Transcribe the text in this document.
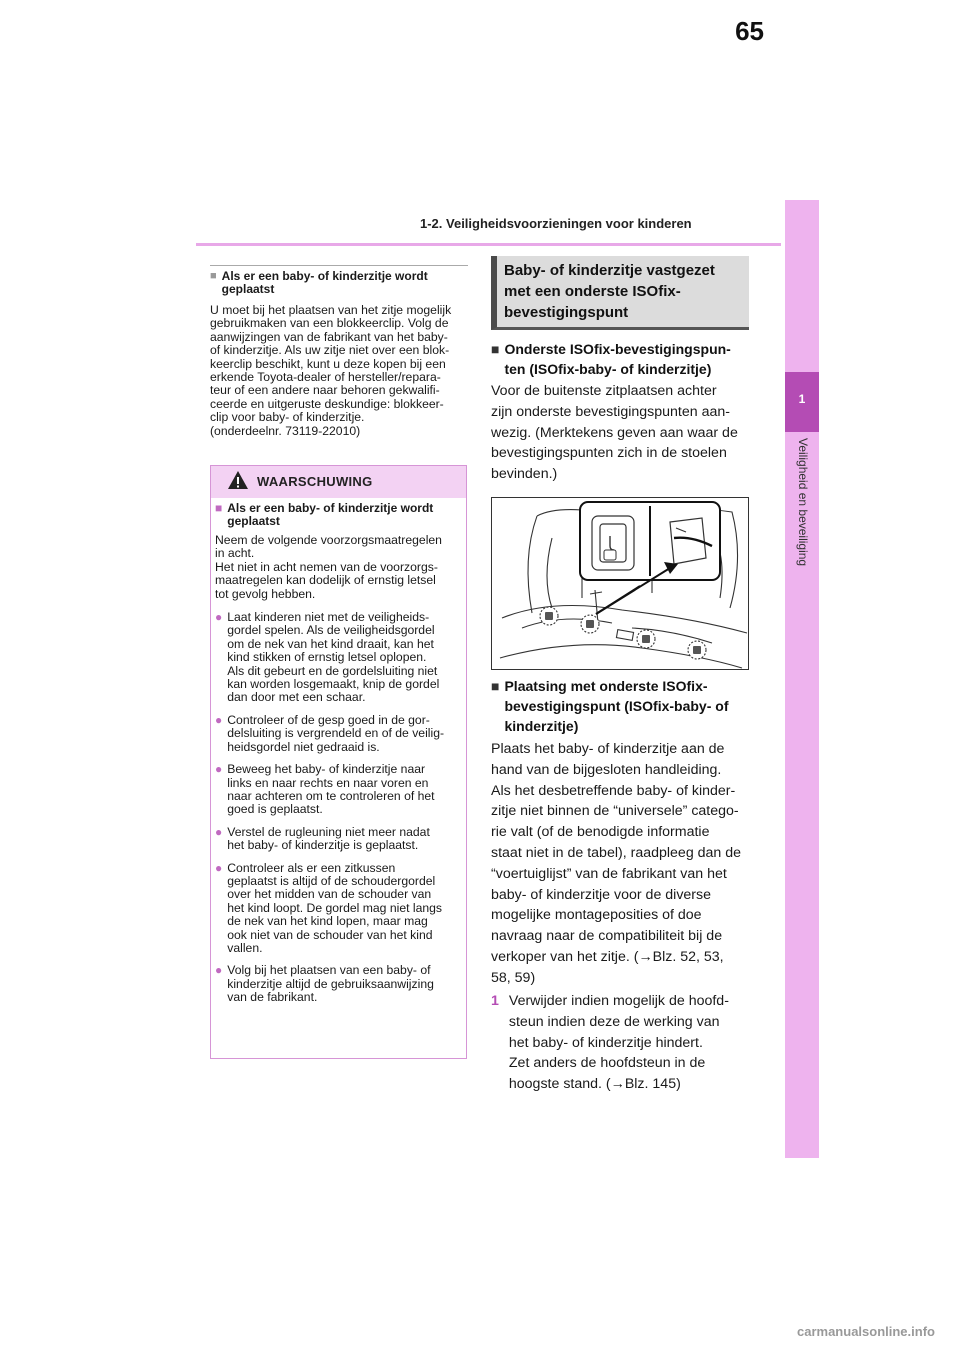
65
1-2. Veiligheidsvoorzieningen voor kinderen
1
Veiligheid en beveiliging
■ Als er een baby- of kinderzitje wordt geplaatst
U moet bij het plaatsen van het zitje mogelijk
gebruikmaken van een blokkeerclip. Volg de
aanwijzingen van de fabrikant van het baby-
of kinderzitje. Als uw zitje niet over een blok-
keerclip beschikt, kunt u deze kopen bij een
erkende Toyota-dealer of hersteller/repara-
teur of een andere naar behoren gekwalifi-
ceerde en uitgeruste deskundige: blokkeer-
clip voor baby- of kinderzitje.
(onderdeelnr. 73119-22010)
WAARSCHUWING
■ Als er een baby- of kinderzitje wordt geplaatst
Neem de volgende voorzorgsmaatregelen
in acht.
Het niet in acht nemen van de voorzorgs-
maatregelen kan dodelijk of ernstig letsel
tot gevolg hebben.
● Laat kinderen niet met de veiligheids-
gordel spelen. Als de veiligheidsgordel
om de nek van het kind draait, kan het
kind stikken of ernstig letsel oplopen.
Als dit gebeurt en de gordelsluiting niet
kan worden losgemaakt, knip de gordel
dan door met een schaar.
● Controleer of de gesp goed in de gor-
delsluiting is vergrendeld en of de veilig-
heidsgordel niet gedraaid is.
● Beweeg het baby- of kinderzitje naar
links en naar rechts en naar voren en
naar achteren om te controleren of het
goed is geplaatst.
● Verstel de rugleuning niet meer nadat
het baby- of kinderzitje is geplaatst.
● Controleer als er een zitkussen
geplaatst is altijd of de schoudergordel
over het midden van de schouder van
het kind loopt. De gordel mag niet langs
de nek van het kind lopen, maar mag
ook niet van de schouder van het kind
vallen.
● Volg bij het plaatsen van een baby- of
kinderzitje altijd de gebruiksaanwijzing
van de fabrikant.
Baby- of kinderzitje vastgezet
met een onderste ISOfix-
bevestigingspunt
■ Onderste ISOfix-bevestigingspun-
ten (ISOfix-baby- of kinderzitje)
Voor de buitenste zitplaatsen achter
zijn onderste bevestigingspunten aan-
wezig. (Merktekens geven aan waar de
bevestigingspunten zich in de stoelen
bevinden.)
■ Plaatsing met onderste ISOfix-
bevestigingspunt (ISOfix-baby- of
kinderzitje)
Plaats het baby- of kinderzitje aan de
hand van de bijgesloten handleiding.
Als het desbetreffende baby- of kinder-
zitje niet binnen de “universele” catego-
rie valt (of de benodigde informatie
staat niet in de tabel), raadpleeg dan de
“voertuiglijst” van de fabrikant van het
baby- of kinderzitje voor de diverse
mogelijke montageposities of doe
navraag naar de compatibiliteit bij de
verkoper van het zitje. (→Blz. 52, 53,
58, 59)
1 Verwijder indien mogelijk de hoofd-
steun indien deze de werking van
het baby- of kinderzitje hindert.
Zet anders de hoofdsteun in de
hoogste stand. (→Blz. 145)
carmanualsonline.info
